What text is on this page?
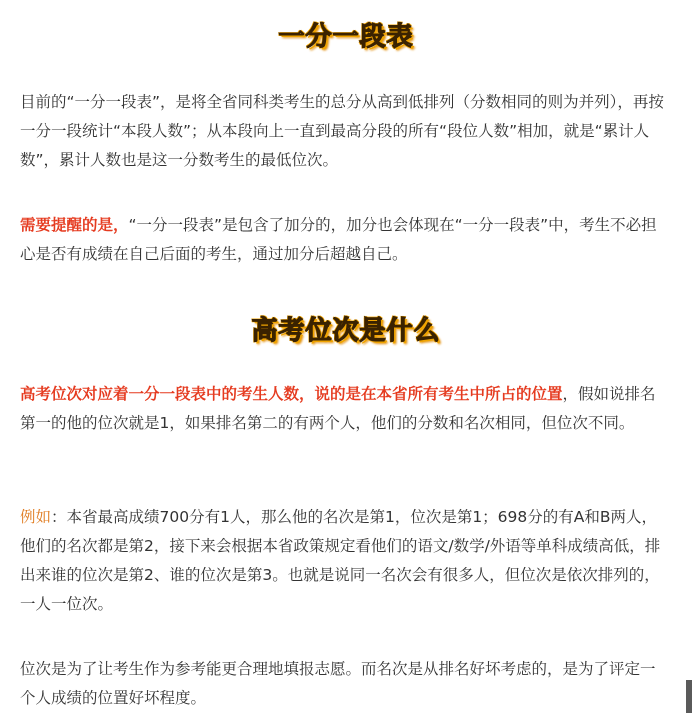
一分一段表

目前的“一分一段表”，是将全省同科类考生的总分从高到低排列（分数相同的则为并列），再按一分一段统计“本段人数”；从本段向上一直到最高分段的所有“段位人数”相加，就是“累计人数”，累计人数也是这一分数考生的最低位次。

需要提醒的是，“一分一段表”是包含了加分的，加分也会体现在“一分一段表”中，考生不必担心是否有成绩在自己后面的考生，通过加分后超越自己。

高考位次是什么

高考位次对应着一分一段表中的考生人数，说的是在本省所有考生中所占的位置，假如说排名第一的他的位次就是1，如果排名第二的有两个人，他们的分数和名次相同，但位次不同。

例如：本省最高成绩700分有1人，那么他的名次是第1，位次是第1；698分的有A和B两人，他们的名次都是第2，接下来会根据本省政策规定看他们的语文/数学/外语等单科成绩高低，排出来谁的位次是第2、谁的位次是第3。也就是说同一名次会有很多人，但位次是依次排列的，一人一位次。

位次是为了让考生作为参考能更合理地填报志愿。而名次是从排名好坏考虑的，是为了评定一个人成绩的位置好坏程度。
